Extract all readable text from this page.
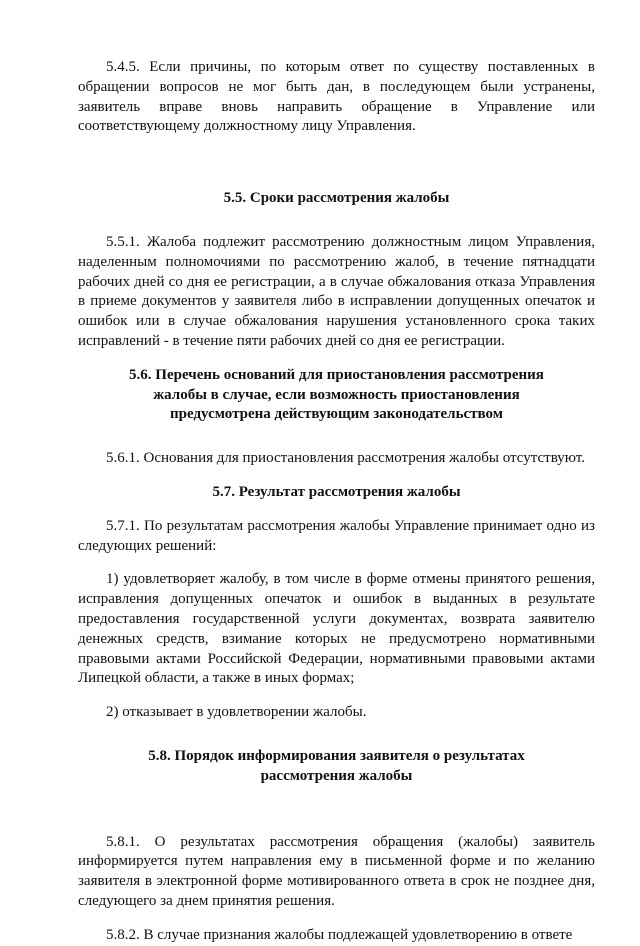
5.4.5. Если причины, по которым ответ по существу поставленных в обращении вопросов не мог быть дан, в последующем были устранены, заявитель вправе вновь направить обращение в Управление или соответствующему должностному лицу Управления.

5.5. Сроки рассмотрения жалобы

5.5.1. Жалоба подлежит рассмотрению должностным лицом Управления, наделенным полномочиями по рассмотрению жалоб, в течение пятнадцати рабочих дней со дня ее регистрации, а в случае обжалования отказа Управления в приеме документов у заявителя либо в исправлении допущенных опечаток и ошибок или в случае обжалования нарушения установленного срока таких исправлений - в течение пяти рабочих дней со дня ее регистрации.

5.6. Перечень оснований для приостановления рассмотрения
жалобы в случае, если возможность приостановления
предусмотрена действующим законодательством

5.6.1. Основания для приостановления рассмотрения жалобы отсутствуют.

5.7. Результат рассмотрения жалобы

5.7.1. По результатам рассмотрения жалобы Управление принимает одно из следующих решений:

1) удовлетворяет жалобу, в том числе в форме отмены принятого решения, исправления допущенных опечаток и ошибок в выданных в результате предоставления государственной услуги документах, возврата заявителю денежных средств, взимание которых не предусмотрено нормативными правовыми актами Российской Федерации, нормативными правовыми актами Липецкой области, а также в иных формах;

2) отказывает в удовлетворении жалобы.

5.8. Порядок информирования заявителя о результатах
рассмотрения жалобы

5.8.1. О результатах рассмотрения обращения (жалобы) заявитель информируется путем направления ему в письменной форме и по желанию заявителя в электронной форме мотивированного ответа в срок не позднее дня, следующего за днем принятия решения.

5.8.2. В случае признания жалобы подлежащей удовлетворению в ответе
